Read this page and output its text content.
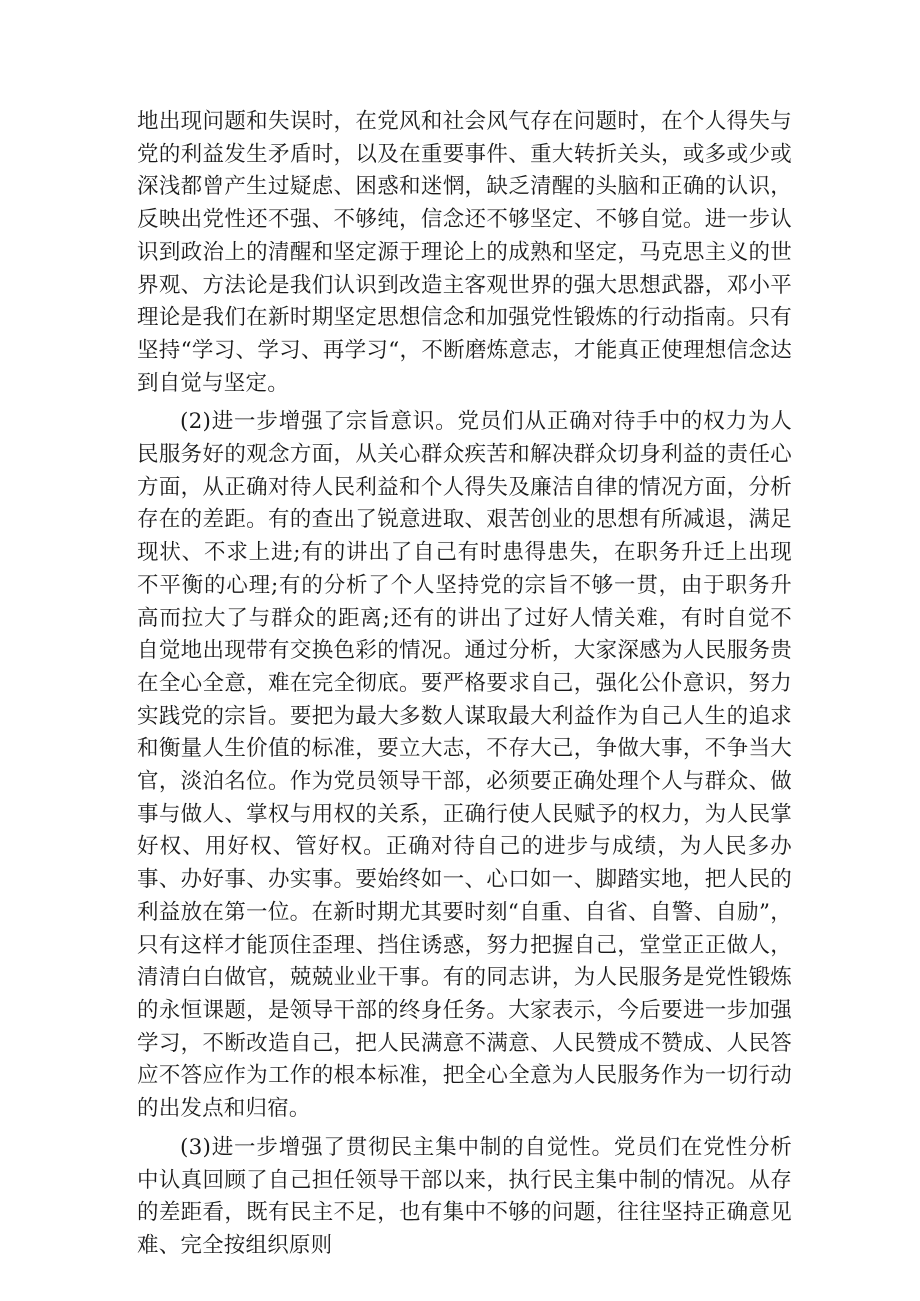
地出现问题和失误时，在党风和社会风气存在问题时，在个人得失与党的利益发生矛盾时，以及在重要事件、重大转折关头，或多或少或深浅都曾产生过疑虑、困惑和迷惘，缺乏清醒的头脑和正确的认识，反映出党性还不强、不够纯，信念还不够坚定、不够自觉。进一步认识到政治上的清醒和坚定源于理论上的成熟和坚定，马克思主义的世界观、方法论是我们认识到改造主客观世界的强大思想武器，邓小平理论是我们在新时期坚定思想信念和加强党性锻炼的行动指南。只有坚持“学习、学习、再学习“，不断磨炼意志，才能真正使理想信念达到自觉与坚定。

(2)进一步增强了宗旨意识。党员们从正确对待手中的权力为人民服务好的观念方面，从关心群众疾苦和解决群众切身利益的责任心方面，从正确对待人民利益和个人得失及廉洁自律的情况方面，分析存在的差距。有的查出了锐意进取、艰苦创业的思想有所减退，满足现状、不求上进;有的讲出了自己有时患得患失，在职务升迁上出现不平衡的心理;有的分析了个人坚持党的宗旨不够一贯，由于职务升高而拉大了与群众的距离;还有的讲出了过好人情关难，有时自觉不自觉地出现带有交换色彩的情况。通过分析，大家深感为人民服务贵在全心全意，难在完全彻底。要严格要求自己，强化公仆意识，努力实践党的宗旨。要把为最大多数人谋取最大利益作为自己人生的追求和衡量人生价值的标准，要立大志，不存大己，争做大事，不争当大官，淡泊名位。作为党员领导干部，必须要正确处理个人与群众、做事与做人、掌权与用权的关系，正确行使人民赋予的权力，为人民掌好权、用好权、管好权。正确对待自己的进步与成绩，为人民多办事、办好事、办实事。要始终如一、心口如一、脚踏实地，把人民的利益放在第一位。在新时期尤其要时刻“自重、自省、自警、自励”，只有这样才能顶住歪理、挡住诱惑，努力把握自己，堂堂正正做人，清清白白做官，兢兢业业干事。有的同志讲，为人民服务是党性锻炼的永恒课题，是领导干部的终身任务。大家表示，今后要进一步加强学习，不断改造自己，把人民满意不满意、人民赞成不赞成、人民答应不答应作为工作的根本标准，把全心全意为人民服务作为一切行动的出发点和归宿。

(3)进一步增强了贯彻民主集中制的自觉性。党员们在党性分析中认真回顾了自己担任领导干部以来，执行民主集中制的情况。从存的差距看，既有民主不足，也有集中不够的问题，往往坚持正确意见难、完全按组织原则
